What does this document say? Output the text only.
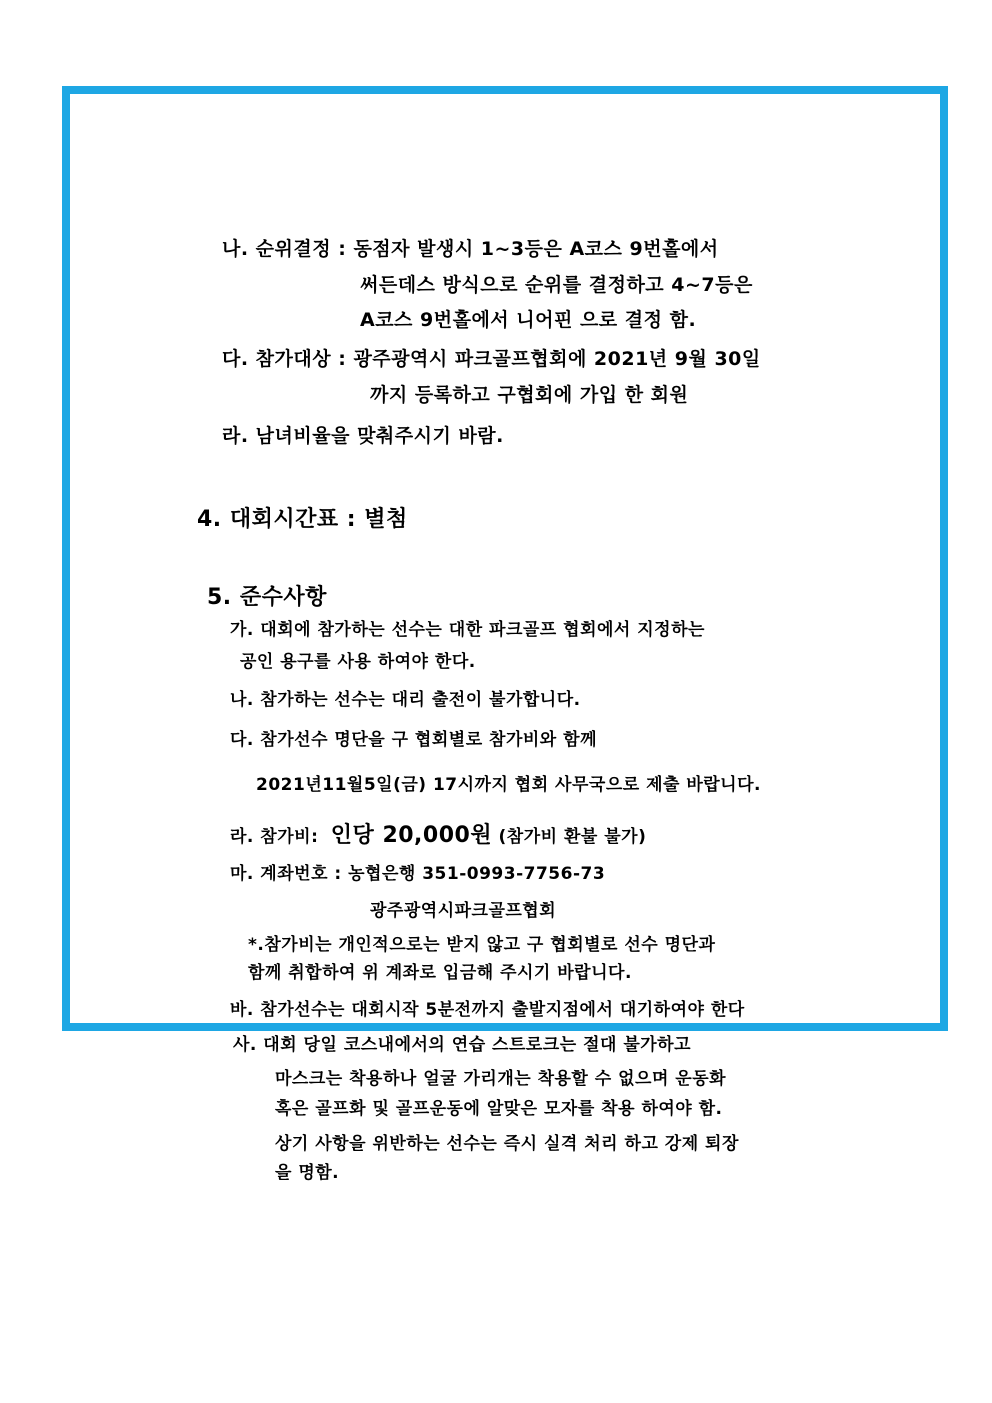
나. 순위결정 : 동점자 발생시 1~3등은 A코스 9번홀에서
써든데스 방식으로 순위를 결정하고 4~7등은
A코스 9번홀에서 니어핀 으로 결정 함.
다. 참가대상 : 광주광역시 파크골프협회에 2021년 9월 30일
까지 등록하고 구협회에 가입 한 회원
라. 남녀비율을 맞춰주시기 바람.
4. 대회시간표 : 별첨
5. 준수사항
가. 대회에 참가하는 선수는 대한 파크골프 협회에서 지정하는
공인 용구를 사용 하여야 한다.
나. 참가하는 선수는 대리 출전이 불가합니다.
다. 참가선수 명단을 구 협회별로 참가비와 함께
2021년11월5일(금) 17시까지 협회 사무국으로 제출 바랍니다.
라. 참가비: 인당 20,000원 (참가비 환불 불가)
마. 계좌번호 : 농협은행 351-0993-7756-73
광주광역시파크골프협회
*.참가비는 개인적으로는 받지 않고 구 협회별로 선수 명단과
함께 취합하여 위 계좌로 입금해 주시기 바랍니다.
바. 참가선수는 대회시작 5분전까지 출발지점에서 대기하여야 한다
사. 대회 당일 코스내에서의 연습 스트로크는 절대 불가하고
마스크는 착용하나 얼굴 가리개는 착용할 수 없으며 운동화
혹은 골프화 및 골프운동에 알맞은 모자를 착용 하여야 함.
상기 사항을 위반하는 선수는 즉시 실격 처리 하고 강제 퇴장
을 명함.
